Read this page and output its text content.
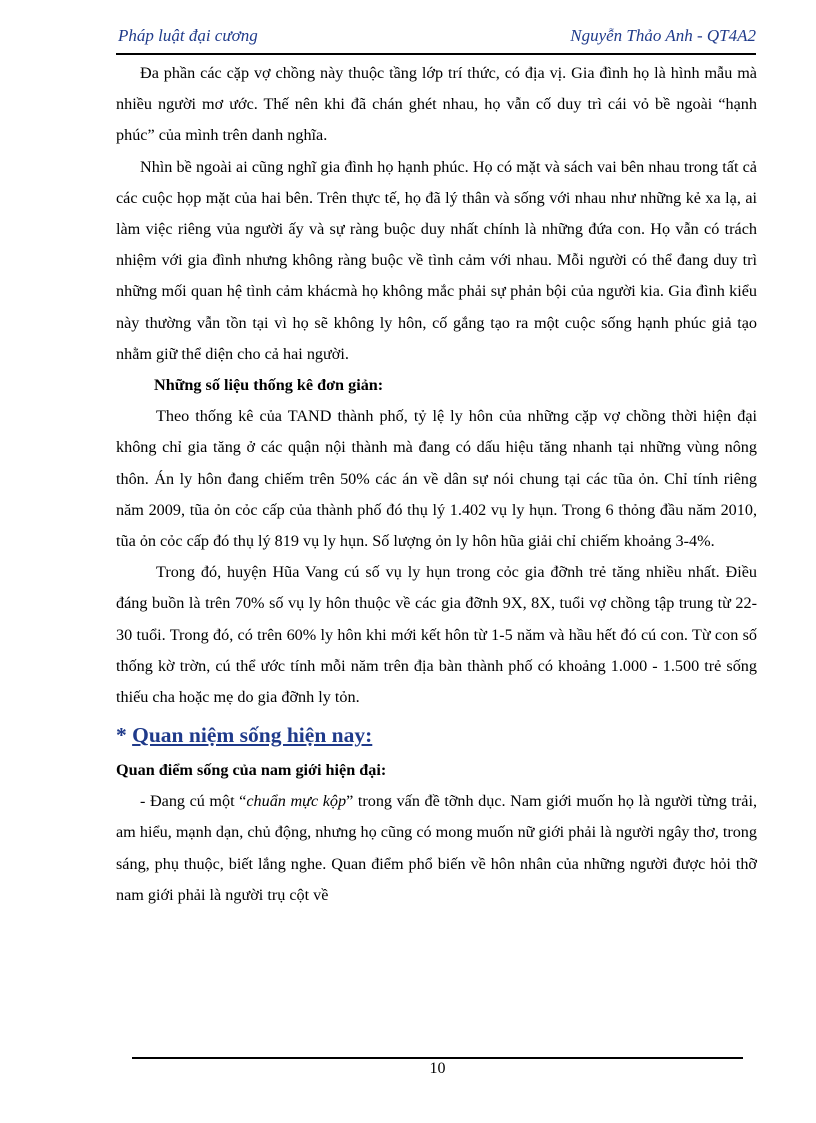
Pháp luật đại cương	Nguyễn Thảo Anh - QT4A2

Đa phần các cặp vợ chồng này thuộc tầng lớp trí thức, có địa vị. Gia đình họ là hình mẫu mà nhiều người mơ ước. Thế nên khi đã chán ghét nhau, họ vẫn cố duy trì cái vỏ bề ngoài “hạnh phúc” của mình trên danh nghĩa.

Nhìn bề ngoài ai cũng nghĩ gia đình họ hạnh phúc. Họ có mặt và sách vai bên nhau trong tất cả các cuộc họp mặt của hai bên. Trên thực tế, họ đã lý thân và sống với nhau như những kẻ xa lạ, ai làm việc riêng vủa người ấy và sự ràng buộc duy nhất chính là những đứa con. Họ vẫn có trách nhiệm với gia đình nhưng không ràng buộc về tình cảm với nhau. Mỗi người có thể đang duy trì những mối quan hệ tình cảm khácmà họ không mắc phải sự phản bội của người kia. Gia đình kiểu này thường vẫn tồn tại vì họ sẽ không ly hôn, cố gắng tạo ra một cuộc sống hạnh phúc giả tạo nhằm giữ thể diện cho cả hai người.

Những số liệu thống kê đơn giản:

Theo thống kê của TAND thành phố, tỷ lệ ly hôn của những cặp vợ chồng thời hiện đại không chỉ gia tăng ở các quận nội thành mà đang có dấu hiệu tăng nhanh tại những vùng nông thôn. Án ly hôn đang chiếm trên 50% các án về dân sự nói chung tại các tũa ỏn. Chỉ tính riêng năm 2009, tũa ỏn cỏc cấp của thành phố đó thụ lý 1.402 vụ ly hụn. Trong 6 thỏng đầu năm 2010, tũa ỏn cỏc cấp đó thụ lý 819 vụ ly hụn. Số lượng ỏn ly hôn hũa giải chỉ chiếm khoảng 3-4%.

Trong đó, huyện Hũa Vang cú số vụ ly hụn trong cỏc gia đỡnh trẻ tăng nhiều nhất. Điều đáng buồn là trên 70% số vụ ly hôn thuộc về các gia đỡnh 9X, 8X, tuổi vợ chồng tập trung từ 22-30 tuổi. Trong đó, có trên 60% ly hôn khi mới kết hôn từ 1-5 năm và hầu hết đó cú con. Từ con số thống kờ trờn, cú thể ước tính mỗi năm trên địa bàn thành phố có khoảng 1.000 - 1.500 trẻ sống thiếu cha hoặc mẹ do gia đỡnh ly tỏn.

* Quan niệm sống hiện nay:

Quan điểm sống của nam giới hiện đại:

- Đang cú một “chuẩn mực kộp” trong vấn đề tỡnh dục. Nam giới muốn họ là người từng trải, am hiểu, mạnh dạn, chủ động, nhưng họ cũng có mong muốn nữ giới phải là người ngây thơ, trong sáng, phụ thuộc, biết lắng nghe. Quan điểm phổ biến về hôn nhân của những người được hỏi thỡ nam giới phải là người trụ cột về

10
